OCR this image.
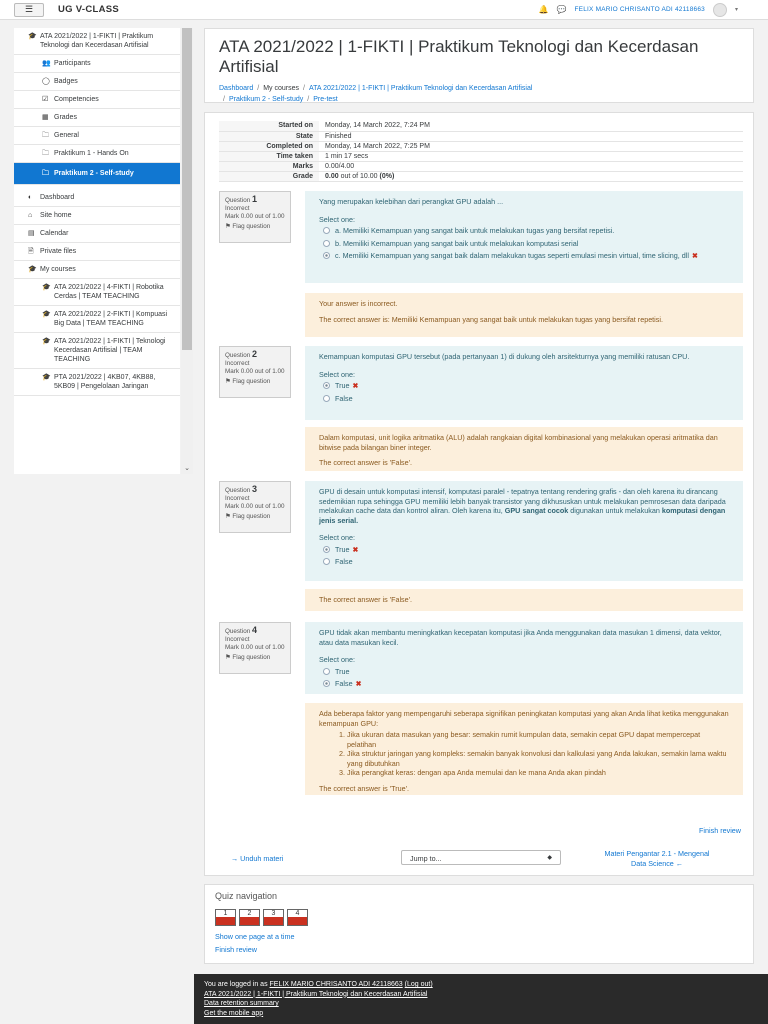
☰	UG V-CLASS	🔔 💬 FELIX MARIO CHRISANTO ADI 42118663	▾
🎓 ATA 2021/2022 | 1-FIKTI | Praktikum Teknologi dan Kecerdasan Artifisial
👥 Participants
◯ Badges
☑ Competencies
▦ Grades
🗀 General
🗀 Praktikum 1 - Hands On
🗀 Praktikum 2 - Self-study
◐	Dashboard
⌂	Site home
▤ Calendar
🗎 Private files
🎓 My courses
🎓 ATA 2021/2022 | 4-FIKTI | Robotika Cerdas | TEAM TEACHING
🎓 ATA 2021/2022 | 2-FIKTI | Kompuasi Big Data | TEAM TEACHING
🎓 ATA 2021/2022 | 1-FIKTI | Teknologi Kecerdasan Artifisial | TEAM TEACHING
🎓 PTA 2021/2022 | 4KB07, 4KB88, 5KB09 | Pengelolaan Jaringan
⌄
ATA 2021/2022 | 1-FIKTI | Praktikum Teknologi dan Kecerdasan Artifisial
Dashboard / My courses / ATA 2021/2022 | 1-FIKTI | Praktikum Teknologi dan Kecerdasan Artifisial
/ Praktikum 2 - Self-study / Pre-test
Started on	Monday, 14 March 2022, 7:24 PM
State	Finished
Completed on	Monday, 14 March 2022, 7:25 PM
Time taken	1 min 17 secs
Marks	0.00/4.00
Grade	0.00 out of 10.00 (0%)
Question 1
Incorrect
Mark 0.00 out of 1.00
⚑ Flag question

Yang merupakan kelebihan dari perangkat GPU adalah ...

Select one:
a. Memiliki Kemampuan yang sangat baik untuk melakukan tugas yang bersifat repetisi.
b. Memiliki Kemampuan yang sangat baik untuk melakukan komputasi serial
c. Memiliki Kemampuan yang sangat baik dalam melakukan tugas seperti emulasi mesin virtual, time slicing, dll ✖

Your answer is incorrect.

The correct answer is: Memiliki Kemampuan yang sangat baik untuk melakukan tugas yang bersifat repetisi.

Question 2
Incorrect
Mark 0.00 out of 1.00
⚑ Flag question

Kemampuan komputasi GPU tersebut (pada pertanyaan 1) di dukung oleh arsitekturnya yang memiliki ratusan CPU.

Select one:
True ✖
False

Dalam komputasi, unit logika aritmatika (ALU) adalah rangkaian digital kombinasional yang melakukan operasi aritmatika dan bitwise pada bilangan biner integer.

The correct answer is 'False'.

Question 3
Incorrect
Mark 0.00 out of 1.00
⚑ Flag question

GPU di desain untuk komputasi intensif, komputasi paralel - tepatnya tentang rendering grafis - dan oleh karena itu dirancang sedemikian rupa sehingga GPU memiliki lebih banyak transistor yang dikhususkan untuk melakukan pemrosesan data daripada melakukan cache data dan kontrol aliran. Oleh karena itu, GPU sangat cocok digunakan untuk melakukan komputasi dengan jenis serial.

Select one:
True ✖
False

The correct answer is 'False'.

Question 4
Incorrect
Mark 0.00 out of 1.00
⚑ Flag question

GPU tidak akan membantu meningkatkan kecepatan komputasi jika Anda menggunakan data masukan 1 dimensi, data vektor, atau data masukan kecil.

Select one:
True
False ✖

Ada beberapa faktor yang mempengaruhi seberapa signifikan peningkatan komputasi yang akan Anda lihat ketika menggunakan kemampuan GPU:

1. Jika ukuran data masukan yang besar: semakin rumit kumpulan data, semakin cepat GPU dapat mempercepat pelatihan
2. Jika struktur jaringan yang kompleks: semakin banyak konvolusi dan kalkulasi yang Anda lakukan, semakin lama waktu yang dibutuhkan
3. Jika perangkat keras: dengan apa Anda memulai dan ke mana Anda akan pindah

The correct answer is 'True'.

Finish review
→ Unduh materi	Jump to...	◆	Materi Pengantar 2.1 - Mengenal Data Science ←
Quiz navigation
1	2	3	4
Show one page at a time
Finish review
You are logged in as FELIX MARIO CHRISANTO ADI 42118663 (Log out)
ATA 2021/2022 | 1-FIKTI | Praktikum Teknologi dan Kecerdasan Artifisial
Data retention summary
Get the mobile app
